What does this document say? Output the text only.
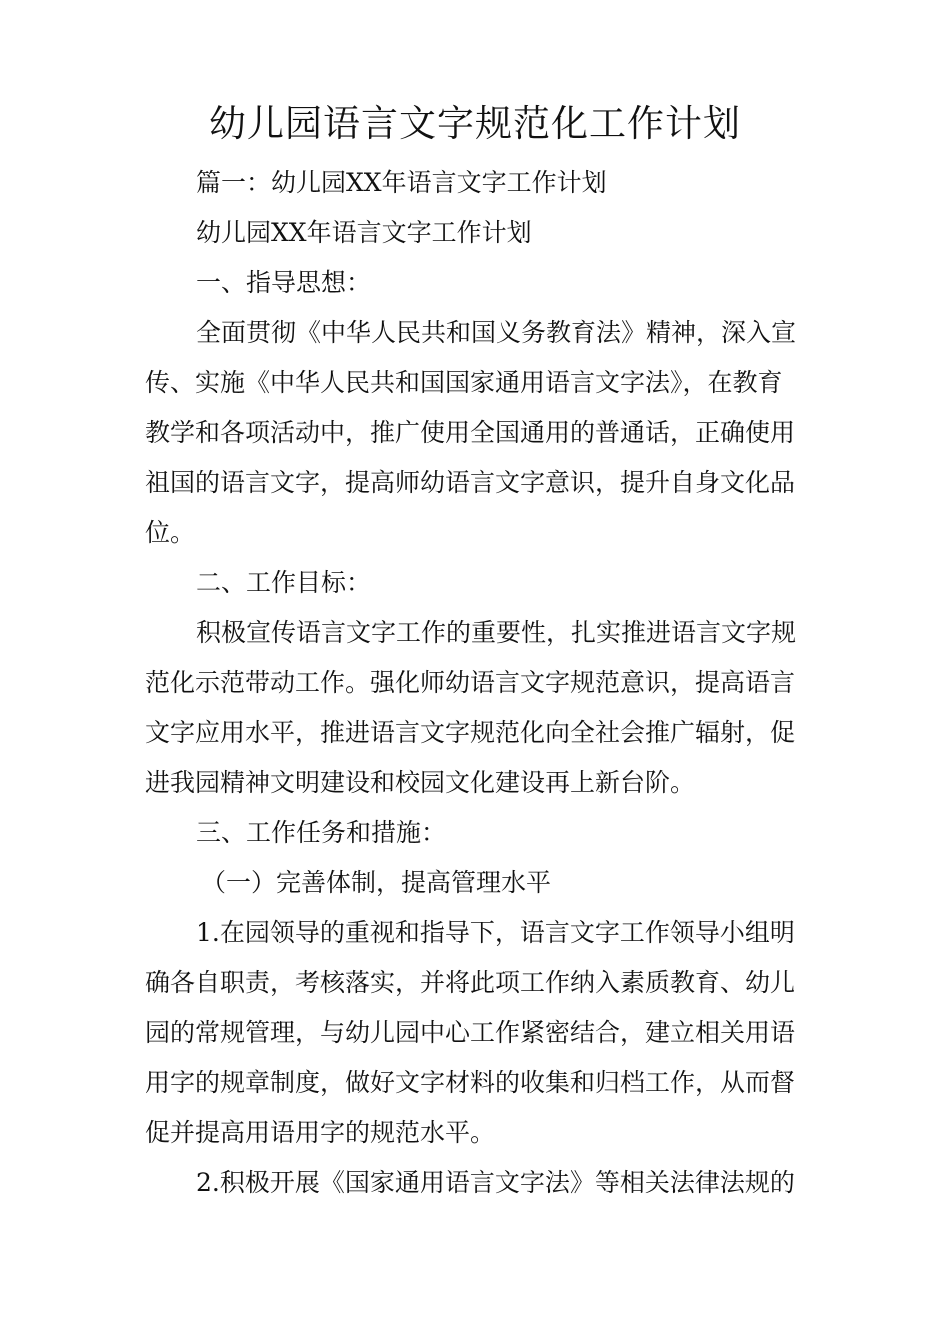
幼儿园语言文字规范化工作计划
篇一：幼儿园XX年语言文字工作计划
幼儿园XX年语言文字工作计划
一、指导思想：
全面贯彻《中华人民共和国义务教育法》精神，深入宣
传、实施《中华人民共和国国家通用语言文字法》，在教育
教学和各项活动中，推广使用全国通用的普通话，正确使用
祖国的语言文字，提高师幼语言文字意识，提升自身文化品
位。
二、工作目标：
积极宣传语言文字工作的重要性，扎实推进语言文字规
范化示范带动工作。强化师幼语言文字规范意识，提高语言
文字应用水平，推进语言文字规范化向全社会推广辐射，促
进我园精神文明建设和校园文化建设再上新台阶。
三、工作任务和措施：
（一）完善体制，提高管理水平
1.在园领导的重视和指导下，语言文字工作领导小组明
确各自职责，考核落实，并将此项工作纳入素质教育、幼儿
园的常规管理，与幼儿园中心工作紧密结合，建立相关用语
用字的规章制度，做好文字材料的收集和归档工作，从而督
促并提高用语用字的规范水平。
2.积极开展《国家通用语言文字法》等相关法律法规的
